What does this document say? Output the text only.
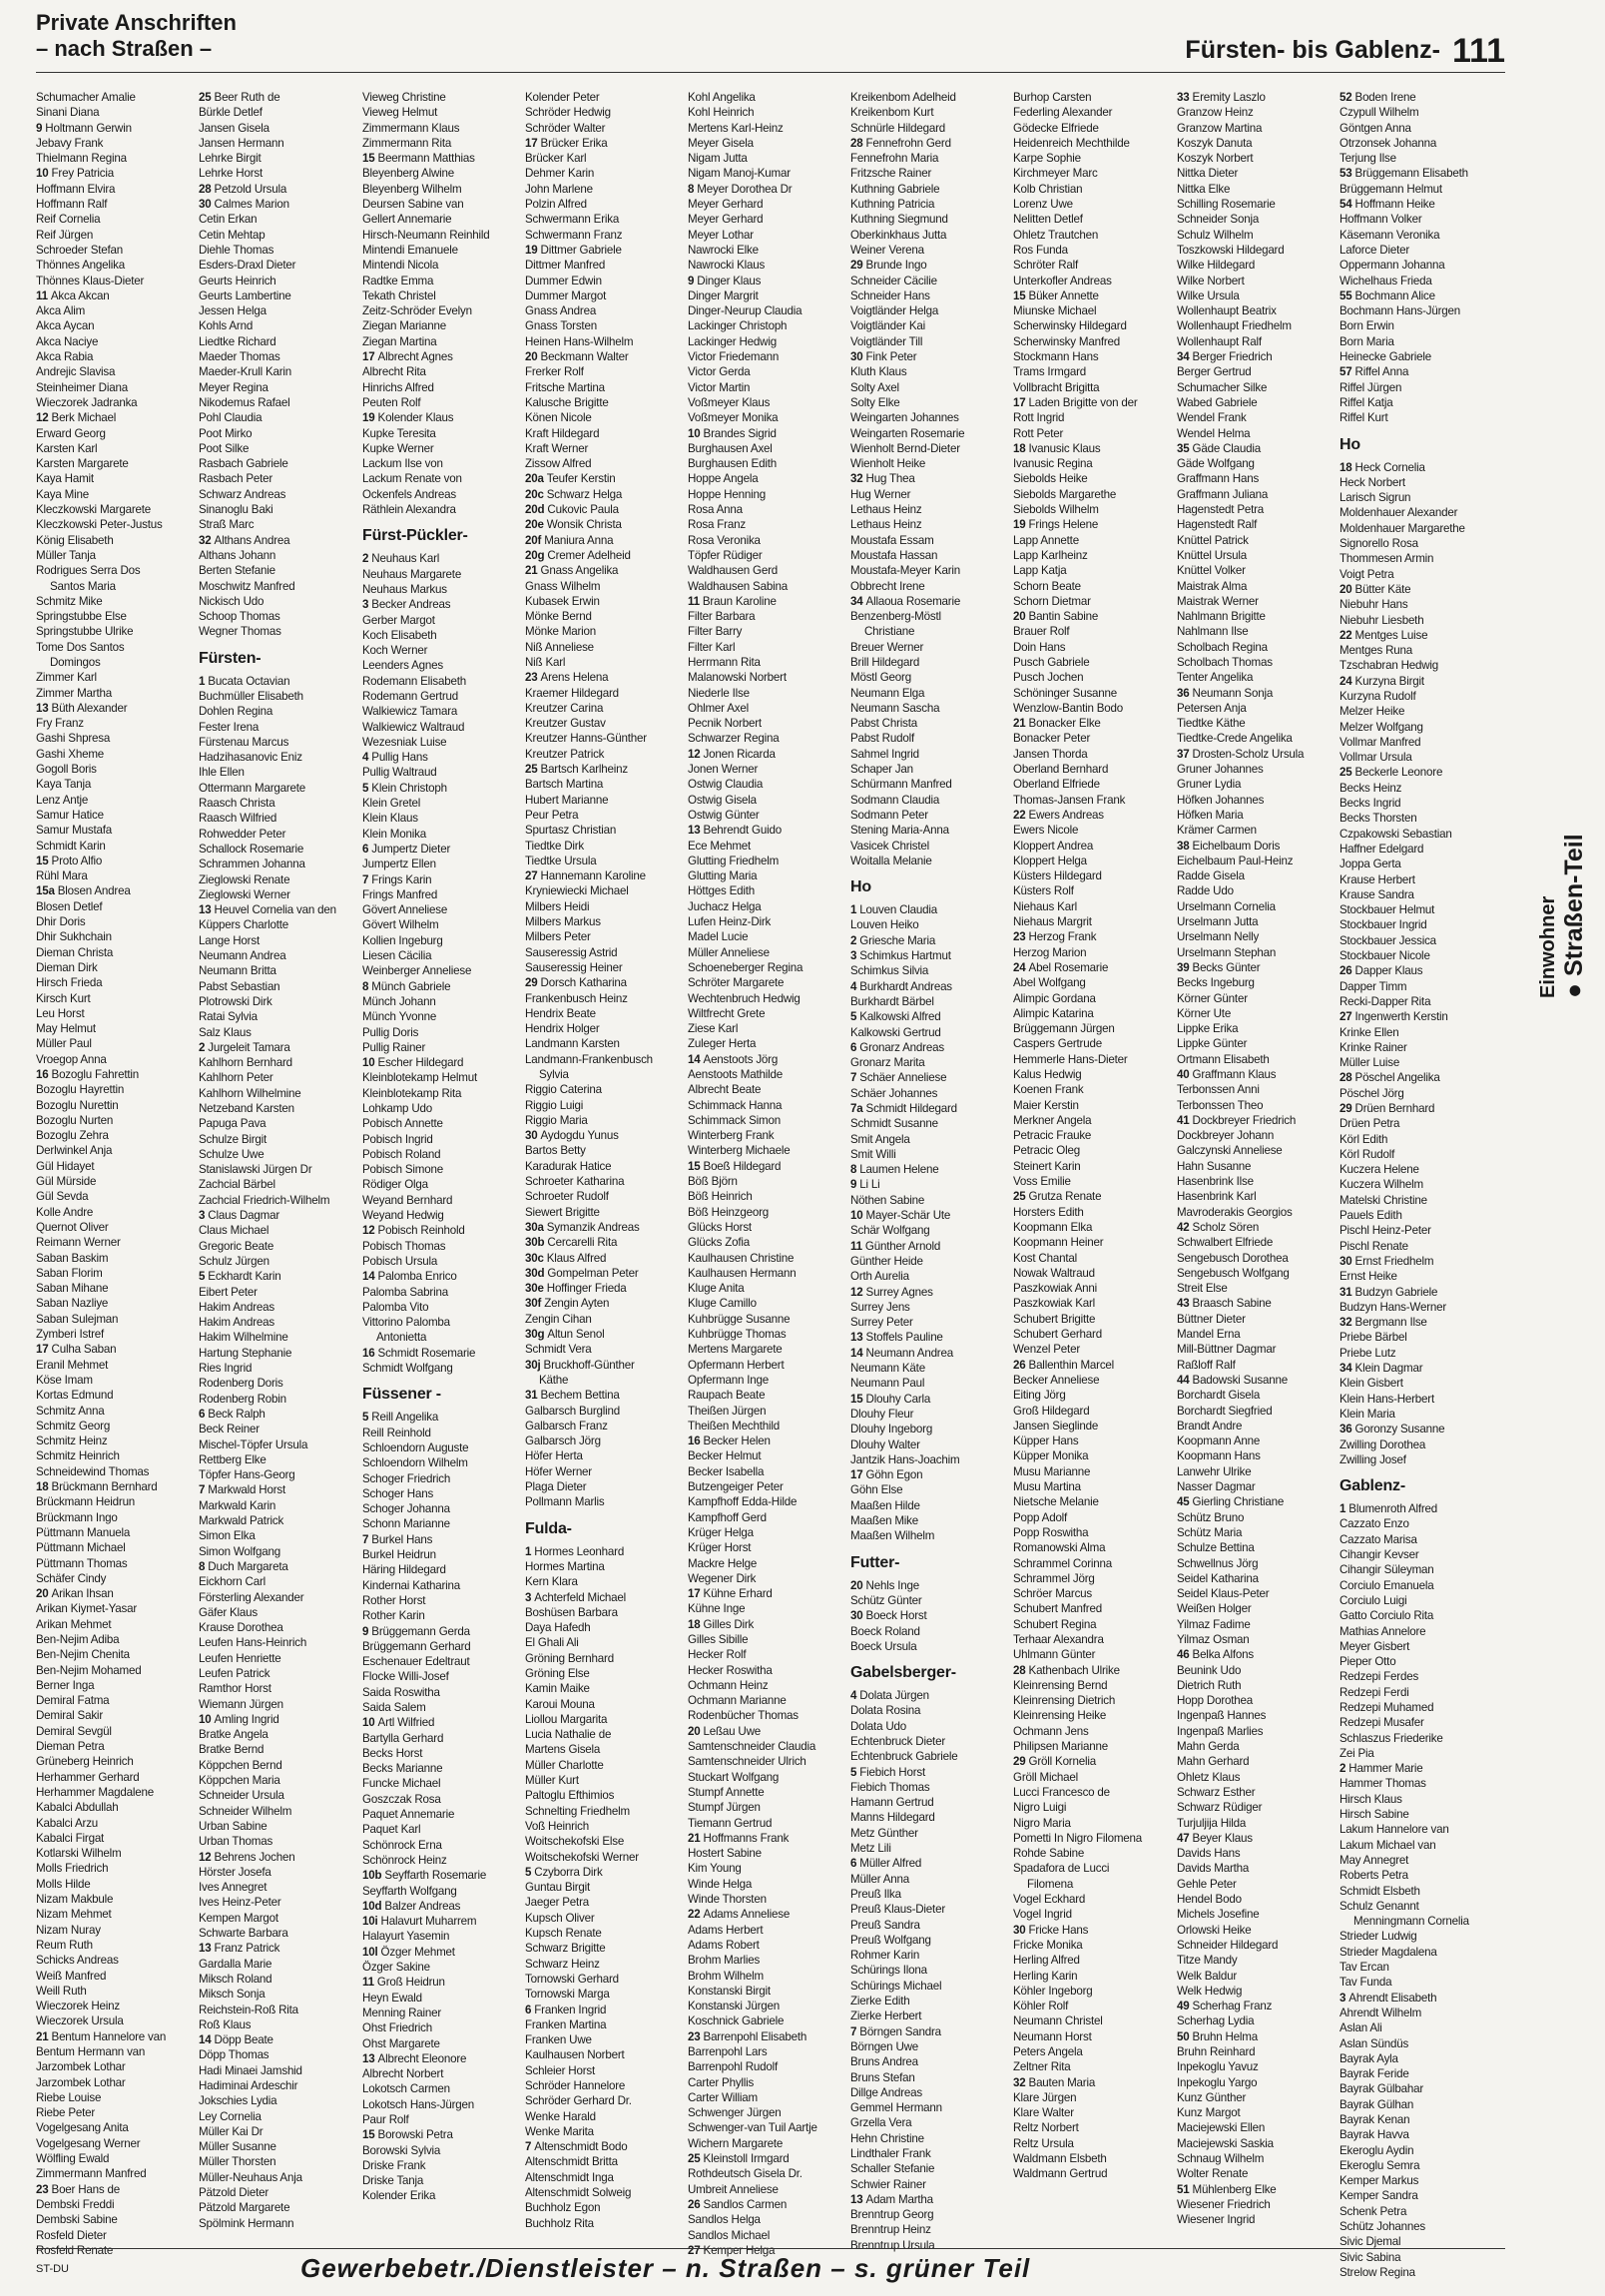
Private Anschriften
– nach Straßen –	Fürsten- bis Gablenz- 111
Einwohner ● Straßen-Teil
Schumacher Amalie
Sinani Diana
9 Holtmann Gerwin
Jebavy Frank
Thielmann Regina
10 Frey Patricia
Hoffmann Elvira
Hoffmann Ralf
Reif Cornelia
Reif Jürgen
Schroeder Stefan
Thönnes Angelika
Thönnes Klaus-Dieter
11 Akca Akcan
Akca Alim
Akca Aycan
Akca Naciye
Akca Rabia
Andrejic Slavisa
Steinheimer Diana
Wieczorek Jadranka
12 Berk Michael
Erward Georg
Karsten Karl
Karsten Margarete
Kaya Hamit
Kaya Mine
Kleczkowski Margarete
Kleczkowski Peter-Justus
König Elisabeth
Müller Tanja
Rodrigues Serra Dos
Santos Maria
Schmitz Mike
Springstubbe Else
Springstubbe Ulrike
Tome Dos Santos
Domingos
Zimmer Karl
Zimmer Martha
13 Büth Alexander
Fry Franz
Gashi Shpresa
Gashi Xheme
Gogoll Boris
Kaya Tanja
Lenz Antje
Samur Hatice
Samur Mustafa
Schmidt Karin
15 Proto Alfio
Rühl Mara
15a Blosen Andrea
Blosen Detlef
Dhir Doris
Dhir Sukhchain
Dieman Christa
Dieman Dirk
Hirsch Frieda
Kirsch Kurt
Leu Horst
May Helmut
Müller Paul
Vroegop Anna
16 Bozoglu Fahrettin
Bozoglu Hayrettin
Bozoglu Nurettin
Bozoglu Nurten
Bozoglu Zehra
Derlwinkel Anja
Gül Hidayet
Gül Mürside
Gül Sevda
Kolle Andre
Quernot Oliver
Reimann Werner
Saban Baskim
Saban Florim
Saban Mihane
Saban Nazliye
Saban Sulejman
Zymberi Istref
17 Culha Saban
Eranil Mehmet
Köse Imam
Kortas Edmund
Schmitz Anna
Schmitz Georg
Schmitz Heinz
Schmitz Heinrich
Schneidewind Thomas
18 Brückmann Bernhard
Brückmann Heidrun
Brückmann Ingo
Püttmann Manuela
Püttmann Michael
Püttmann Thomas
Schäfer Cindy
20 Arikan Ihsan
Arikan Kiymet-Yasar
Arikan Mehmet
Ben-Nejim Adiba
Ben-Nejim Chenita
Ben-Nejim Mohamed
Berner Inga
Demiral Fatma
Demiral Sakir
Demiral Sevgül
Dieman Petra
Grüneberg Heinrich
Herhammer Gerhard
Herhammer Magdalene
Kabalci Abdullah
Kabalci Arzu
Kabalci Firgat
Kotlarski Wilhelm
Molls Friedrich
Molls Hilde
Nizam Makbule
Nizam Mehmet
Nizam Nuray
Reum Ruth
Schicks Andreas
Weiß Manfred
Weill Ruth
Wieczorek Heinz
Wieczorek Ursula
21 Bentum Hannelore van
Bentum Hermann van
Jarzombek Lothar
Jarzombek Lothar
Riebe Louise
Riebe Peter
Vogelgesang Anita
Vogelgesang Werner
Wölfling Ewald
Zimmermann Manfred
23 Boer Hans de
Dembski Freddi
Dembski Sabine
Rosfeld Dieter
Rosfeld Renate
25 Beer Ruth de
Bürkle Detlef
Jansen Gisela
Jansen Hermann
Lehrke Birgit
Lehrke Horst
28 Petzold Ursula
30 Calmes Marion
Cetin Erkan
Cetin Mehtap
Diehle Thomas
Esders-Draxl Dieter
Geurts Heinrich
Geurts Lambertine
Jessen Helga
Kohls Arnd
Liedtke Richard
Maeder Thomas
Maeder-Krull Karin
Meyer Regina
Nikodemus Rafael
Pohl Claudia
Poot Mirko
Poot Silke
Rasbach Gabriele
Rasbach Peter
Schwarz Andreas
Sinanoglu Baki
Straß Marc
32 Althans Andrea
Althans Johann
Berten Stefanie
Moschwitz Manfred
Nickisch Udo
Schoop Thomas
Wegner Thomas
Fürsten-
1 Bucata Octavian
Buchmüller Elisabeth
Dohlen Regina
Fester Irena
Fürstenau Marcus
Hadzihasanovic Eniz
Ihle Ellen
Ottermann Margarete
Raasch Christa
Raasch Wilfried
Rohwedder Peter
Schallock Rosemarie
Schrammen Johanna
Zieglowski Renate
Zieglowski Werner
13 Heuvel Cornelia van den
Küppers Charlotte
Lange Horst
Neumann Andrea
Neumann Britta
Pabst Sebastian
Plotrowski Dirk
Ratai Sylvia
Salz Klaus
2 Jurgeleit Tamara
Kahlhorn Bernhard
Kahlhorn Peter
Kahlhorn Wilhelmine
Netzeband Karsten
Papuga Pava
Schulze Birgit
Schulze Uwe
Stanislawski Jürgen Dr
Zachcial Bärbel
Zachcial Friedrich-Wilhelm
3 Claus Dagmar
Claus Michael
Gregoric Beate
Schulz Jürgen
5 Eckhardt Karin
Eibert Peter
Hakim Andreas
Hakim Andreas
Hakim Wilhelmine
Hartung Stephanie
Ries Ingrid
Rodenberg Doris
Rodenberg Robin
6 Beck Ralph
Beck Reiner
Mischel-Töpfer Ursula
Rettberg Elke
Töpfer Hans-Georg
7 Markwald Horst
Markwald Karin
Markwald Patrick
Simon Elka
Simon Wolfgang
8 Duch Margareta
Eickhorn Carl
Försterling Alexander
Gäfer Klaus
Krause Dorothea
Leufen Hans-Heinrich
Leufen Henriette
Leufen Patrick
Ramthor Horst
Wiemann Jürgen
10 Amling Ingrid
Bratke Angela
Bratke Bernd
Köppchen Bernd
Köppchen Maria
Schneider Ursula
Schneider Wilhelm
Urban Sabine
Urban Thomas
12 Behrens Jochen
Hörster Josefa
Ives Annegret
Ives Heinz-Peter
Kempen Margot
Schwarte Barbara
13 Franz Patrick
Gardalla Marie
Miksch Roland
Miksch Sonja
Reichstein-Roß Rita
Roß Klaus
14 Döpp Beate
Döpp Thomas
Hadi Minaei Jamshid
Hadiminai Ardeschir
Jokschies Lydia
Ley Cornelia
Müller Kai Dr
Müller Susanne
Müller Thorsten
Müller-Neuhaus Anja
Pätzold Dieter
Pätzold Margarete
Spölmink Hermann
Vieweg Christine
Vieweg Helmut
Zimmermann Klaus
Zimmermann Rita
15 Beermann Matthias
Bleyenberg Alwine
Bleyenberg Wilhelm
Deursen Sabine van
Gellert Annemarie
Hirsch-Neumann Reinhild
Mintendi Emanuele
Mintendi Nicola
Radtke Emma
Tekath Christel
Zeitz-Schröder Evelyn
Ziegan Marianne
Ziegan Martina
17 Albrecht Agnes
Albrecht Rita
Hinrichs Alfred
Peuten Rolf
19 Kolender Klaus
Kupke Teresita
Kupke Werner
Lackum Ilse von
Lackum Renate von
Ockenfels Andreas
Räthlein Alexandra
Fürst-Pückler-
2 Neuhaus Karl
Neuhaus Margarete
Neuhaus Markus
3 Becker Andreas
Gerber Margot
Koch Elisabeth
Koch Werner
Leenders Agnes
Rodemann Elisabeth
Rodemann Gertrud
Walkiewicz Tamara
Walkiewicz Waltraud
Wezesniak Luise
4 Pullig Hans
Pullig Waltraud
5 Klein Christoph
Klein Gretel
Klein Klaus
Klein Monika
6 Jumpertz Dieter
Jumpertz Ellen
7 Frings Karin
Frings Manfred
Gövert Anneliese
Gövert Wilhelm
Kollien Ingeburg
Liesen Cäcilia
Weinberger Anneliese
8 Münch Gabriele
Münch Johann
Münch Yvonne
Pullig Doris
Pullig Rainer
10 Escher Hildegard
Kleinblotekamp Helmut
Kleinblotekamp Rita
Lohkamp Udo
Pobisch Annette
Pobisch Ingrid
Pobisch Roland
Pobisch Simone
Rödiger Olga
Weyand Bernhard
Weyand Hedwig
12 Pobisch Reinhold
Pobisch Thomas
Pobisch Ursula
14 Palomba Enrico
Palomba Sabrina
Palomba Vito
Vittorino Palomba
Antonietta
16 Schmidt Rosemarie
Schmidt Wolfgang
Füssener -
5 Reill Angelika
Reill Reinhold
Schloendorn Auguste
Schloendorn Wilhelm
Schoger Friedrich
Schoger Hans
Schoger Johanna
Schonn Marianne
7 Burkel Hans
Burkel Heidrun
Häring Hildegard
Kindernai Katharina
Rother Horst
Rother Karin
9 Brüggemann Gerda
Brüggemann Gerhard
Eschenauer Edeltraut
Flocke Willi-Josef
Saida Roswitha
Saida Salem
10 Artl Wilfried
Bartylla Gerhard
Becks Horst
Becks Marianne
Funcke Michael
Goszczak Rosa
Paquet Annemarie
Paquet Karl
Schönrock Erna
Schönrock Heinz
10b Seyffarth Rosemarie
Seyffarth Wolfgang
10d Balzer Andreas
10i Halavurt Muharrem
Halayurt Yasemin
10l Özger Mehmet
Özger Sakine
11 Groß Heidrun
Heyn Ewald
Menning Rainer
Ohst Friedrich
Ohst Margarete
13 Albrecht Eleonore
Albrecht Norbert
Lokotsch Carmen
Lokotsch Hans-Jürgen
Paur Rolf
15 Borowski Petra
Borowski Sylvia
Driske Frank
Driske Tanja
Kolender Erika
Kolender Peter
Schröder Hedwig
Schröder Walter
17 Brücker Erika
Brücker Karl
Dehmer Karin
John Marlene
Polzin Alfred
Schwermann Erika
Schwermann Franz
19 Dittmer Gabriele
Dittmer Manfred
Dummer Edwin
Dummer Margot
Gnass Andrea
Gnass Torsten
Heinen Hans-Wilhelm
20 Beckmann Walter
Frerker Rolf
Fritsche Martina
Kalusche Brigitte
Könen Nicole
Kraft Hildegard
Kraft Werner
Zissow Alfred
20a Teufer Kerstin
20c Schwarz Helga
20d Cukovic Paula
20e Wonsik Christa
20f Maniura Anna
20g Cremer Adelheid
21 Gnass Angelika
Gnass Wilhelm
Kubasek Erwin
Mönke Bernd
Mönke Marion
Niß Anneliese
Niß Karl
23 Arens Helena
Kraemer Hildegard
Kreutzer Carina
Kreutzer Gustav
Kreutzer Hanns-Günther
Kreutzer Patrick
25 Bartsch Karlheinz
Bartsch Martina
Hubert Marianne
Peur Petra
Spurtasz Christian
Tiedtke Dirk
Tiedtke Ursula
27 Hannemann Karoline
Kryniewiecki Michael
Milbers Heidi
Milbers Markus
Milbers Peter
Sauseressig Astrid
Sauseressig Heiner
29 Dorsch Katharina
Frankenbusch Heinz
Hendrix Beate
Hendrix Holger
Landmann Karsten
Landmann-Frankenbusch
Sylvia
Riggio Caterina
Riggio Luigi
Riggio Maria
30 Aydogdu Yunus
Bartos Betty
Karadurak Hatice
Schroeter Katharina
Schroeter Rudolf
Siewert Brigitte
30a Symanzik Andreas
30b Cercarelli Rita
30c Klaus Alfred
30d Gompelman Peter
30e Hoffinger Frieda
30f Zengin Ayten
Zengin Cihan
30g Altun Senol
Schmidt Vera
30j Bruckhoff-Günther
Käthe
31 Bechem Bettina
Galbarsch Burglind
Galbarsch Franz
Galbarsch Jörg
Höfer Herta
Höfer Werner
Plaga Dieter
Pollmann Marlis
Fulda-
1 Hormes Leonhard
Hormes Martina
Kern Klara
3 Achterfeld Michael
Boshüsen Barbara
Daya Hafedh
El Ghali Ali
Gröning Bernhard
Gröning Else
Kamin Maike
Karoui Mouna
Liollou Margarita
Lucia Nathalie de
Martens Gisela
Müller Charlotte
Müller Kurt
Paltoglu Efthimios
Schnelting Friedhelm
Voß Heinrich
Woitschekofski Else
Woitschekofski Werner
5 Czyborra Dirk
Guntau Birgit
Jaeger Petra
Kupsch Oliver
Kupsch Renate
Schwarz Brigitte
Schwarz Heinz
Tornowski Gerhard
Tornowski Marga
6 Franken Ingrid
Franken Martina
Franken Uwe
Kaulhausen Norbert
Schleier Horst
Schröder Hannelore
Schröder Gerhard Dr.
Wenke Harald
Wenke Marita
7 Altenschmidt Bodo
Altenschmidt Britta
Altenschmidt Inga
Altenschmidt Solweig
Buchholz Egon
Buchholz Rita
Kohl Angelika
Kohl Heinrich
Mertens Karl-Heinz
Meyer Gisela
Nigam Jutta
Nigam Manoj-Kumar
8 Meyer Dorothea Dr
Meyer Gerhard
Meyer Gerhard
Meyer Lothar
Nawrocki Elke
Nawrocki Klaus
9 Dinger Klaus
Dinger Margrit
Dinger-Neurup Claudia
Lackinger Christoph
Lackinger Hedwig
Victor Friedemann
Victor Gerda
Victor Martin
Voßmeyer Klaus
Voßmeyer Monika
10 Brandes Sigrid
Burghausen Axel
Burghausen Edith
Hoppe Angela
Hoppe Henning
Rosa Anna
Rosa Franz
Rosa Veronika
Töpfer Rüdiger
Waldhausen Gerd
Waldhausen Sabina
11 Braun Karoline
Filter Barbara
Filter Barry
Filter Karl
Herrmann Rita
Malanowski Norbert
Niederle Ilse
Ohlmer Axel
Pecnik Norbert
Schwarzer Regina
12 Jonen Ricarda
Jonen Werner
Ostwig Claudia
Ostwig Gisela
Ostwig Günter
13 Behrendt Guido
Ece Mehmet
Glutting Friedhelm
Glutting Maria
Höttges Edith
Juchacz Helga
Lufen Heinz-Dirk
Madel Lucie
Müller Anneliese
Schoeneberger Regina
Schröter Margarete
Wechtenbruch Hedwig
Wiltfrecht Grete
Ziese Karl
Zuleger Herta
14 Aenstoots Jörg
Aenstoots Mathilde
Albrecht Beate
Schimmack Hanna
Schimmack Simon
Winterberg Frank
Winterberg Michaele
15 Boeß Hildegard
Böß Björn
Böß Heinrich
Böß Heinzgeorg
Glücks Horst
Glücks Zofia
Kaulhausen Christine
Kaulhausen Hermann
Kluge Anita
Kluge Camillo
Kuhbrügge Susanne
Kuhbrügge Thomas
Mertens Margarete
Opfermann Herbert
Opfermann Inge
Raupach Beate
Theißen Jürgen
Theißen Mechthild
16 Becker Helen
Becker Helmut
Becker Isabella
Butzengeiger Peter
Kampfhoff Edda-Hilde
Kampfhoff Gerd
Krüger Helga
Krüger Horst
Mackre Helge
Wegener Dirk
17 Kühne Erhard
Kühne Inge
18 Gilles Dirk
Gilles Sibille
Hecker Rolf
Hecker Roswitha
Ochmann Heinz
Ochmann Marianne
Rodenbücher Thomas
20 Leßau Uwe
Samtenschneider Claudia
Samtenschneider Ulrich
Stuckart Wolfgang
Stumpf Annette
Stumpf Jürgen
Tiemann Gertrud
21 Hoffmanns Frank
Hostert Sabine
Kim Young
Winde Helga
Winde Thorsten
22 Adams Anneliese
Adams Herbert
Adams Robert
Brohm Marlies
Brohm Wilhelm
Konstanski Birgit
Konstanski Jürgen
Koschnick Gabriele
23 Barrenpohl Elisabeth
Barrenpohl Lars
Barrenpohl Rudolf
Carter Phyllis
Carter William
Schwenger Jürgen
Schwenger-van Tuil Aartje
Wichern Margarete
25 Kleinstoll Irmgard
Rothdeutsch Gisela Dr.
Umbreit Anneliese
26 Sandlos Carmen
Sandlos Helga
Sandlos Michael
27 Kemper Helga
Kreikenbom Adelheid
Kreikenbom Kurt
Schnürle Hildegard
28 Fennefrohn Gerd
Fennefrohn Maria
Fritzsche Rainer
Kuthning Gabriele
Kuthning Patricia
Kuthning Siegmund
Oberkinkhaus Jutta
Weiner Verena
29 Brunde Ingo
Schneider Cäcilie
Schneider Hans
Voigtländer Helga
Voigtländer Kai
Voigtländer Till
30 Fink Peter
Kluth Klaus
Solty Axel
Solty Elke
Weingarten Johannes
Weingarten Rosemarie
Wienholt Bernd-Dieter
Wienholt Heike
32 Hug Thea
Hug Werner
Lethaus Heinz
Lethaus Heinz
Moustafa Essam
Moustafa Hassan
Moustafa-Meyer Karin
Obbrecht Irene
34 Allaoua Rosemarie
Benzenberg-Möstl
Christiane
Breuer Werner
Brill Hildegard
Möstl Georg
Neumann Elga
Neumann Sascha
Pabst Christa
Pabst Rudolf
Sahmel Ingrid
Schaper Jan
Schürmann Manfred
Sodmann Claudia
Sodmann Peter
Stening Maria-Anna
Vasicek Christel
Woitalla Melanie
Ho
1 Louven Claudia
Louven Heiko
2 Griesche Maria
3 Schimkus Hartmut
Schimkus Silvia
4 Burkhardt Andreas
Burkhardt Bärbel
5 Kalkowski Alfred
Kalkowski Gertrud
6 Gronarz Andreas
Gronarz Marita
7 Schäer Anneliese
Schäer Johannes
7a Schmidt Hildegard
Schmidt Susanne
Smit Angela
Smit Willi
8 Laumen Helene
9 Li Li
Nöthen Sabine
10 Mayer-Schär Ute
Schär Wolfgang
11 Günther Arnold
Günther Heide
Orth Aurelia
12 Surrey Agnes
Surrey Jens
Surrey Peter
13 Stoffels Pauline
14 Neumann Andrea
Neumann Käte
Neumann Paul
15 Dlouhy Carla
Dlouhy Fleur
Dlouhy Ingeborg
Dlouhy Walter
Jantzik Hans-Joachim
17 Göhn Egon
Göhn Else
Maaßen Hilde
Maaßen Mike
Maaßen Wilhelm
Futter-
20 Nehls Inge
Schütz Günter
30 Boeck Horst
Boeck Roland
Boeck Ursula
Gabelsberger-
4 Dolata Jürgen
Dolata Rosina
Dolata Udo
Echtenbruck Dieter
Echtenbruck Gabriele
5 Fiebich Horst
Fiebich Thomas
Hamann Gertrud
Manns Hildegard
Metz Günther
Metz Lili
6 Müller Alfred
Müller Anna
Preuß Ilka
Preuß Klaus-Dieter
Preuß Sandra
Preuß Wolfgang
Rohmer Karin
Schürings Ilona
Schürings Michael
Zierke Edith
Zierke Herbert
7 Börngen Sandra
Börngen Uwe
Bruns Andrea
Bruns Stefan
Dillge Andreas
Gemmel Hermann
Grzella Vera
Hehn Christine
Lindthaler Frank
Schaller Stefanie
Schwier Rainer
13 Adam Martha
Brenntrup Georg
Brenntrup Heinz
Brenntrup Ursula
Burhop Carsten
Federling Alexander
Gödecke Elfriede
Heidenreich Mechthilde
Karpe Sophie
Kirchmeyer Marc
Kolb Christian
Lorenz Uwe
Nelitten Detlef
Ohletz Trautchen
Ros Funda
Schröter Ralf
Unterkofler Andreas
15 Büker Annette
Miunske Michael
Scherwinsky Hildegard
Scherwinsky Manfred
Stockmann Hans
Trams Irmgard
Vollbracht Brigitta
17 Laden Brigitte von der
Rott Ingrid
Rott Peter
18 Ivanusic Klaus
Ivanusic Regina
Siebolds Heike
Siebolds Margarethe
Siebolds Wilhelm
19 Frings Helene
Lapp Annette
Lapp Karlheinz
Lapp Katja
Schorn Beate
Schorn Dietmar
20 Bantin Sabine
Brauer Rolf
Doin Hans
Pusch Gabriele
Pusch Jochen
Schöninger Susanne
Wenzlow-Bantin Bodo
21 Bonacker Elke
Bonacker Peter
Jansen Thorda
Oberland Bernhard
Oberland Elfriede
Thomas-Jansen Frank
22 Ewers Andreas
Ewers Nicole
Kloppert Andrea
Kloppert Helga
Küsters Hildegard
Küsters Rolf
Niehaus Karl
Niehaus Margrit
23 Herzog Frank
Herzog Marion
24 Abel Rosemarie
Abel Wolfgang
Alimpic Gordana
Alimpic Katarina
Brüggemann Jürgen
Caspers Gertrude
Hemmerle Hans-Dieter
Kalus Hedwig
Koenen Frank
Maier Kerstin
Merkner Angela
Petracic Frauke
Petracic Oleg
Steinert Karin
Voss Emilie
25 Grutza Renate
Horsters Edith
Koopmann Elka
Koopmann Heiner
Kost Chantal
Nowak Waltraud
Paszkowiak Anni
Paszkowiak Karl
Schubert Brigitte
Schubert Gerhard
Wenzel Peter
26 Ballenthin Marcel
Becker Anneliese
Eiting Jörg
Groß Hildegard
Jansen Sieglinde
Küpper Hans
Küpper Monika
Musu Marianne
Musu Martina
Nietsche Melanie
Popp Adolf
Popp Roswitha
Romanowski Alma
Schrammel Corinna
Schrammel Jörg
Schröer Marcus
Schubert Manfred
Schubert Regina
Terhaar Alexandra
Uhlmann Günter
28 Kathenbach Ulrike
Kleinrensing Bernd
Kleinrensing Dietrich
Kleinrensing Heike
Ochmann Jens
Philipsen Marianne
29 Gröll Kornelia
Gröll Michael
Lucci Francesco de
Nigro Luigi
Nigro Maria
Pometti In Nigro Filomena
Rohde Sabine
Spadafora de Lucci
Filomena
Vogel Eckhard
Vogel Ingrid
30 Fricke Hans
Fricke Monika
Herling Alfred
Herling Karin
Köhler Ingeborg
Köhler Rolf
Neumann Christel
Neumann Horst
Peters Angela
Zeltner Rita
32 Bauten Maria
Klare Jürgen
Klare Walter
Reltz Norbert
Reltz Ursula
Waldmann Elsbeth
Waldmann Gertrud
33 Eremity Laszlo
Granzow Heinz
Granzow Martina
Koszyk Danuta
Koszyk Norbert
Nittka Dieter
Nittka Elke
Schilling Rosemarie
Schneider Sonja
Schulz Wilhelm
Toszkowski Hildegard
Wilke Hildegard
Wilke Norbert
Wilke Ursula
Wollenhaupt Beatrix
Wollenhaupt Friedhelm
Wollenhaupt Ralf
34 Berger Friedrich
Berger Gertrud
Schumacher Silke
Wabed Gabriele
Wendel Frank
Wendel Helma
35 Gäde Claudia
Gäde Wolfgang
Graffmann Hans
Graffmann Juliana
Hagenstedt Petra
Hagenstedt Ralf
Knüttel Patrick
Knüttel Ursula
Knüttel Volker
Maistrak Alma
Maistrak Werner
Nahlmann Brigitte
Nahlmann Ilse
Scholbach Regina
Scholbach Thomas
Tenter Angelika
36 Neumann Sonja
Petersen Anja
Tiedtke Käthe
Tiedtke-Crede Angelika
37 Drosten-Scholz Ursula
Gruner Johannes
Gruner Lydia
Höfken Johannes
Höfken Maria
Krämer Carmen
38 Eichelbaum Doris
Eichelbaum Paul-Heinz
Radde Gisela
Radde Udo
Urselmann Cornelia
Urselmann Jutta
Urselmann Nelly
Urselmann Stephan
39 Becks Günter
Becks Ingeburg
Körner Günter
Körner Ute
Lippke Erika
Lippke Günter
Ortmann Elisabeth
40 Graffmann Klaus
Terbonssen Anni
Terbonssen Theo
41 Dockbreyer Friedrich
Dockbreyer Johann
Galczynski Anneliese
Hahn Susanne
Hasenbrink Ilse
Hasenbrink Karl
Mavroderakis Georgios
42 Scholz Sören
Schwalbert Elfriede
Sengebusch Dorothea
Sengebusch Wolfgang
Streit Else
43 Braasch Sabine
Büttner Dieter
Mandel Erna
Mill-Büttner Dagmar
Raßloff Ralf
44 Badowski Susanne
Borchardt Gisela
Borchardt Siegfried
Brandt Andre
Koopmann Anne
Koopmann Hans
Lanwehr Ulrike
Nasser Dagmar
45 Gierling Christiane
Schütz Bruno
Schütz Maria
Schulze Bettina
Schwellnus Jörg
Seidel Katharina
Seidel Klaus-Peter
Weißen Holger
Yilmaz Fadime
Yilmaz Osman
46 Belka Alfons
Beunink Udo
Dietrich Ruth
Hopp Dorothea
Ingenpaß Hannes
Ingenpaß Marlies
Mahn Gerda
Mahn Gerhard
Ohletz Klaus
Schwarz Esther
Schwarz Rüdiger
Turjuljija Hilda
47 Beyer Klaus
Davids Hans
Davids Martha
Gehle Peter
Hendel Bodo
Michels Josefine
Orlowski Heike
Schneider Hildegard
Titze Mandy
Welk Baldur
Welk Hedwig
49 Scherhag Franz
Scherhag Lydia
50 Bruhn Helma
Bruhn Reinhard
Inpekoglu Yavuz
Inpekoglu Yargo
Kunz Günther
Kunz Margot
Maciejewski Ellen
Maciejewski Saskia
Schnaug Wilhelm
Wolter Renate
51 Mühlenberg Elke
Wiesener Friedrich
Wiesener Ingrid
52 Boden Irene
Czypull Wilhelm
Göntgen Anna
Otrzonsek Johanna
Terjung Ilse
53 Brüggemann Elisabeth
Brüggemann Helmut
54 Hoffmann Heike
Hoffmann Volker
Käsemann Veronika
Laforce Dieter
Oppermann Johanna
Wichelhaus Frieda
55 Bochmann Alice
Bochmann Hans-Jürgen
Born Erwin
Born Maria
Heinecke Gabriele
57 Riffel Anna
Riffel Jürgen
Riffel Katja
Riffel Kurt
Ho
18 Heck Cornelia
Heck Norbert
Larisch Sigrun
Moldenhauer Alexander
Moldenhauer Margarethe
Signorello Rosa
Thommesen Armin
Voigt Petra
20 Bütter Käte
Niebuhr Hans
Niebuhr Liesbeth
22 Mentges Luise
Mentges Runa
Tzschabran Hedwig
24 Kurzyna Birgit
Kurzyna Rudolf
Melzer Heike
Melzer Wolfgang
Vollmar Manfred
Vollmar Ursula
25 Beckerle Leonore
Becks Heinz
Becks Ingrid
Becks Thorsten
Czpakowski Sebastian
Haffner Edelgard
Joppa Gerta
Krause Herbert
Krause Sandra
Stockbauer Helmut
Stockbauer Ingrid
Stockbauer Jessica
Stockbauer Nicole
26 Dapper Klaus
Dapper Timm
Recki-Dapper Rita
27 Ingenwerth Kerstin
Krinke Ellen
Krinke Rainer
Müller Luise
28 Pöschel Angelika
Pöschel Jörg
29 Drüen Bernhard
Drüen Petra
Körl Edith
Körl Rudolf
Kuczera Helene
Kuczera Wilhelm
Matelski Christine
Pauels Edith
Pischl Heinz-Peter
Pischl Renate
30 Ernst Friedhelm
Ernst Heike
31 Budzyn Gabriele
Budzyn Hans-Werner
32 Bergmann Ilse
Priebe Bärbel
Priebe Lutz
34 Klein Dagmar
Klein Gisbert
Klein Hans-Herbert
Klein Maria
36 Goronzy Susanne
Zwilling Dorothea
Zwilling Josef
Gablenz-
1 Blumenroth Alfred
Cazzato Enzo
Cazzato Marisa
Cihangir Kevser
Cihangir Süleyman
Corciulo Emanuela
Corciulo Luigi
Gatto Corciulo Rita
Mathias Annelore
Meyer Gisbert
Pieper Otto
Redzepi Ferdes
Redzepi Ferdi
Redzepi Muhamed
Redzepi Musafer
Schlaszus Friederike
Zei Pia
2 Hammer Marie
Hammer Thomas
Hirsch Klaus
Hirsch Sabine
Lakum Hannelore van
Lakum Michael van
May Annegret
Roberts Petra
Schmidt Elsbeth
Schulz Genannt
Menningmann Cornelia
Strieder Ludwig
Strieder Magdalena
Tav Ercan
Tav Funda
3 Ahrendt Elisabeth
Ahrendt Wilhelm
Aslan Ali
Aslan Sündüs
Bayrak Ayla
Bayrak Feride
Bayrak Gülbahar
Bayrak Gülhan
Bayrak Kenan
Bayrak Havva
Ekeroglu Aydin
Ekeroglu Semra
Kemper Markus
Kemper Sandra
Schenk Petra
Schütz Johannes
Sivic Djemal
Sivic Sabina
Strelow Regina
ST-DU	Gewerbebetr./Dienstleister – n. Straßen – s. grüner Teil
